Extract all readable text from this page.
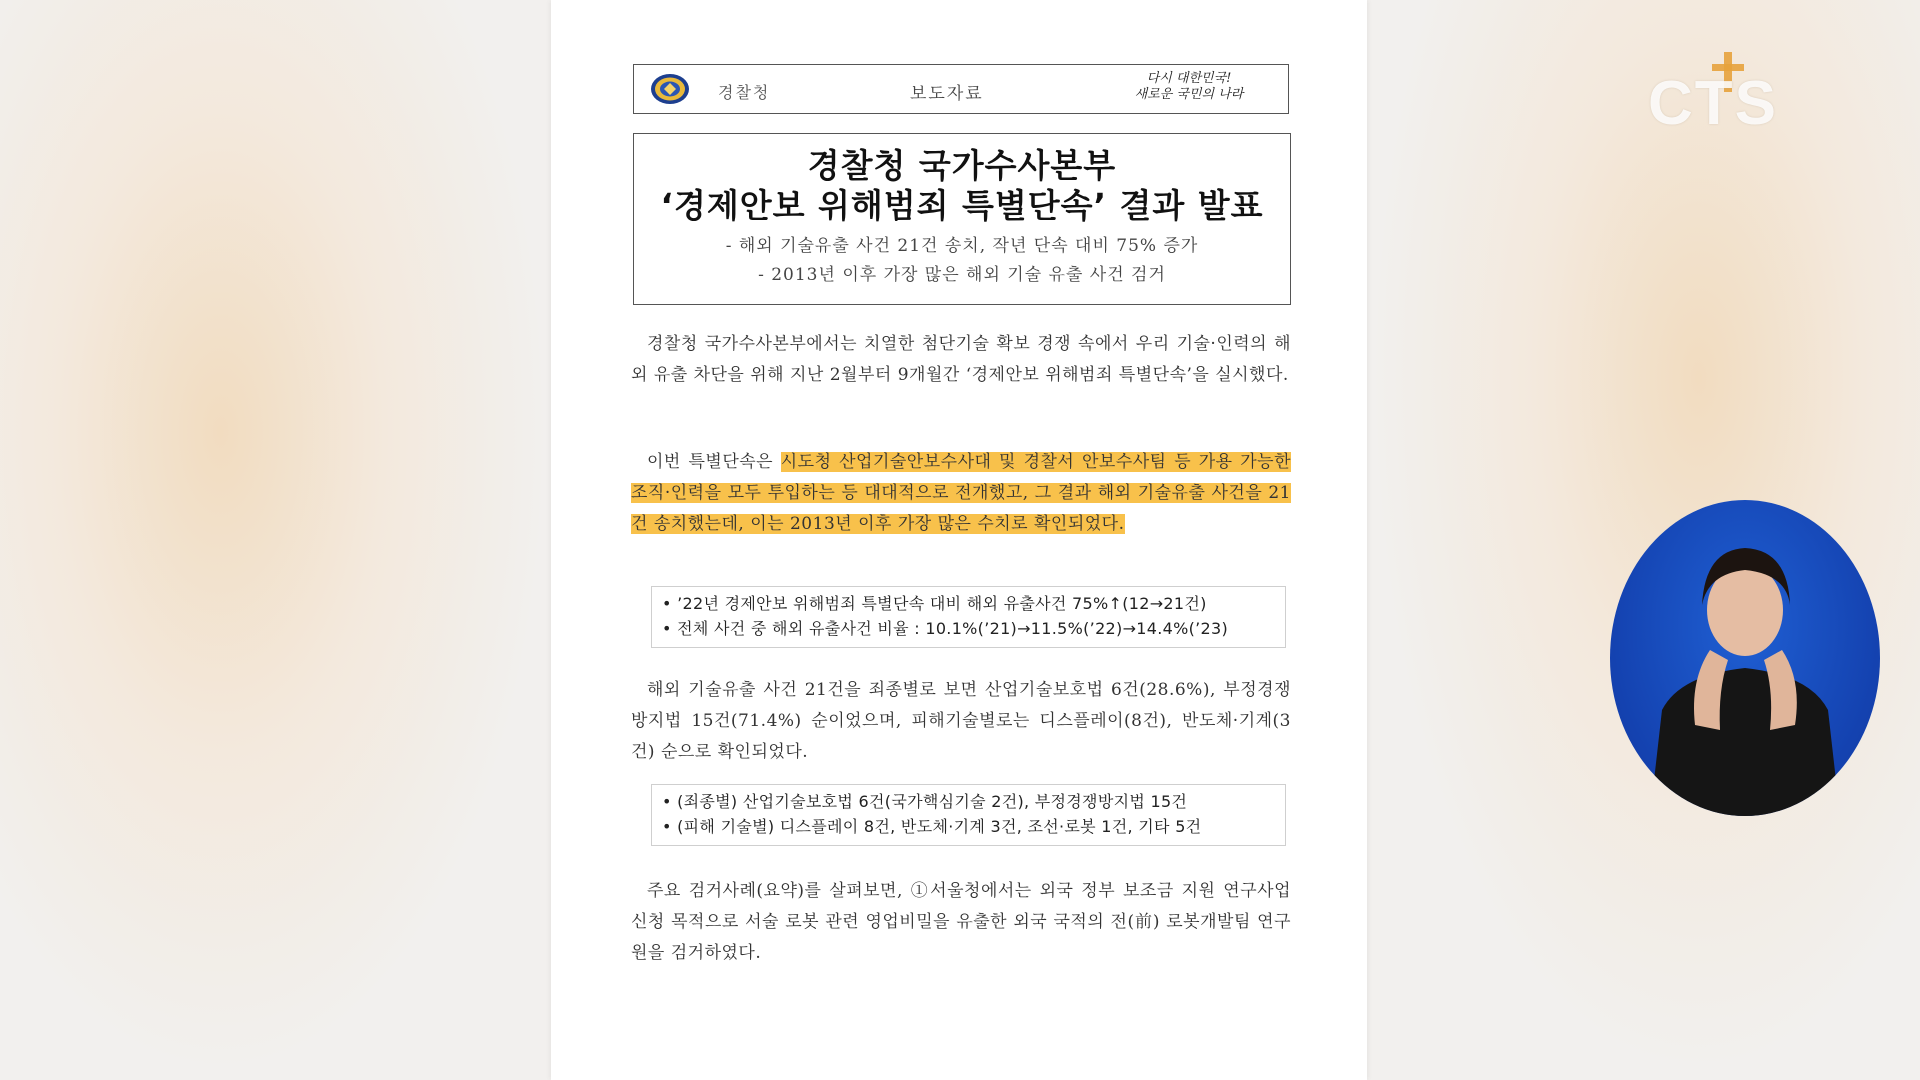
경찰청	보도자료
다시 대한민국!
새로운 국민의 나라
경찰청 국가수사본부
‘경제안보 위해범죄 특별단속’ 결과 발표
- 해외 기술유출 사건 21건 송치, 작년 단속 대비 75% 증가
- 2013년 이후 가장 많은 해외 기술 유출 사건 검거
경찰청 국가수사본부에서는 치열한 첨단기술 확보 경쟁 속에서 우리 기술·인력의 해외 유출 차단을 위해 지난 2월부터 9개월간 ‘경제안보 위해범죄 특별단속’을 실시했다.
이번 특별단속은 시도청 산업기술안보수사대 및 경찰서 안보수사팀 등 가용 가능한 조직·인력을 모두 투입하는 등 대대적으로 전개했고, 그 결과 해외 기술유출 사건을 21건 송치했는데, 이는 2013년 이후 가장 많은 수치로 확인되었다.
• ’22년 경제안보 위해범죄 특별단속 대비 해외 유출사건 75%↑(12→21건)
• 전체 사건 중 해외 유출사건 비율 : 10.1%(’21)→11.5%(’22)→14.4%(’23)
해외 기술유출 사건 21건을 죄종별로 보면 산업기술보호법 6건(28.6%), 부정경쟁방지법 15건(71.4%) 순이었으며, 피해기술별로는 디스플레이(8건), 반도체·기계(3건) 순으로 확인되었다.
• (죄종별) 산업기술보호법 6건(국가핵심기술 2건), 부정경쟁방지법 15건
• (피해 기술별) 디스플레이 8건, 반도체·기계 3건, 조선·로봇 1건, 기타 5건
주요 검거사례(요약)를 살펴보면, ①서울청에서는 외국 정부 보조금 지원 연구사업 신청 목적으로 서술 로봇 관련 영업비밀을 유출한 외국 국적의 전(前) 로봇개발팀 연구원을 검거하였다.
CTS
